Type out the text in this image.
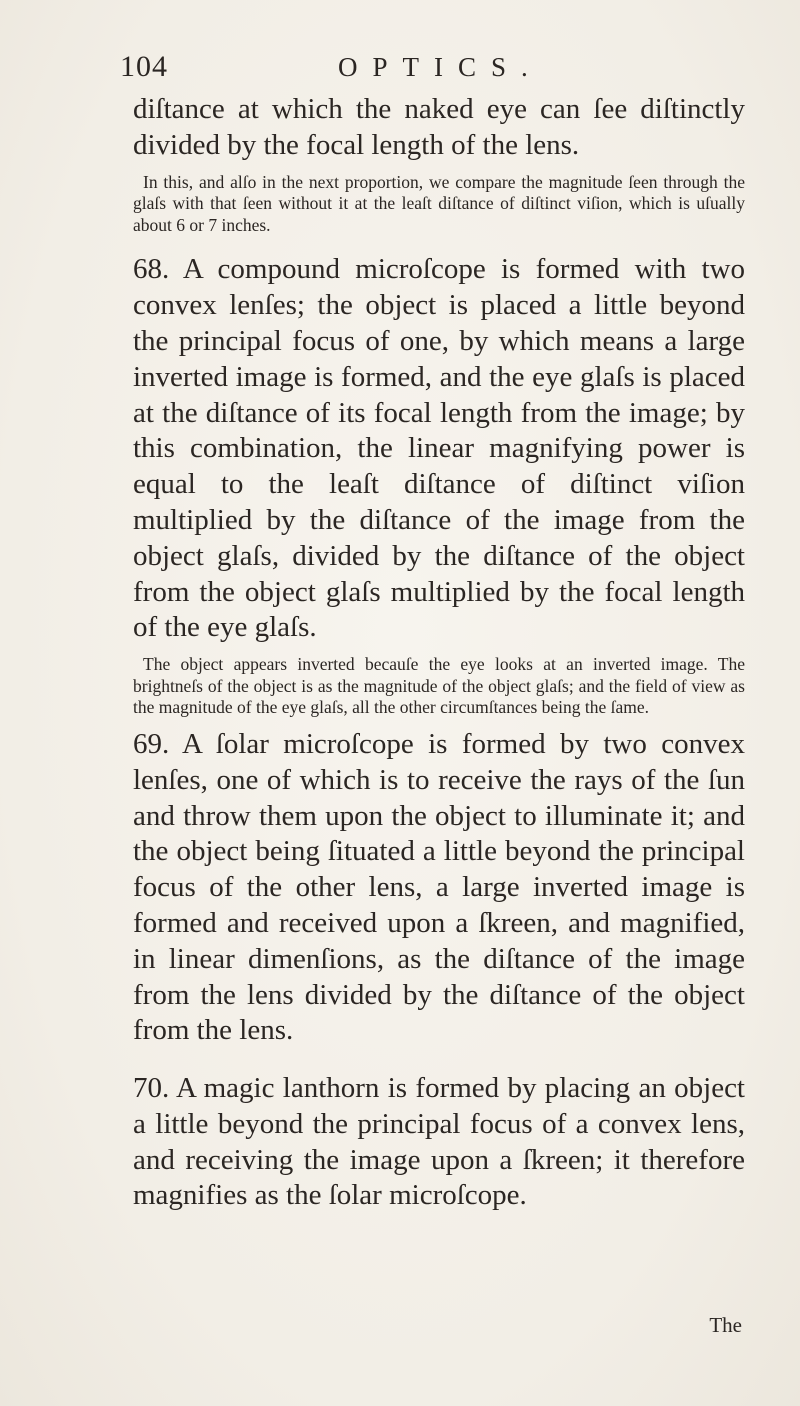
104	OPTICS.

diſtance at which the naked eye can ſee diſtinctly divided by the focal length of the lens.

In this, and alſo in the next proportion, we compare the magnitude ſeen through the glaſs with that ſeen without it at the leaſt diſtance of diſtinct viſion, which is uſually about 6 or 7 inches.

68. A compound microſcope is formed with two convex lenſes; the object is placed a little beyond the principal focus of one, by which means a large inverted image is formed, and the eye glaſs is placed at the diſtance of its focal length from the image; by this combination, the linear magnifying power is equal to the leaſt diſtance of diſtinct viſion multiplied by the diſtance of the image from the object glaſs, divided by the diſtance of the object from the object glaſs multiplied by the focal length of the eye glaſs.

The object appears inverted becauſe the eye looks at an inverted image. The brightneſs of the object is as the magnitude of the object glaſs; and the field of view as the magnitude of the eye glaſs, all the other circumſtances being the ſame.

69. A ſolar microſcope is formed by two convex lenſes, one of which is to receive the rays of the ſun and throw them upon the object to illuminate it; and the object being ſituated a little beyond the principal focus of the other lens, a large inverted image is formed and received upon a ſkreen, and magnified, in linear dimenſions, as the diſtance of the image from the lens divided by the diſtance of the object from the lens.

70. A magic lanthorn is formed by placing an object a little beyond the principal focus of a convex lens, and receiving the image upon a ſkreen; it therefore magnifies as the ſolar microſcope.

The
